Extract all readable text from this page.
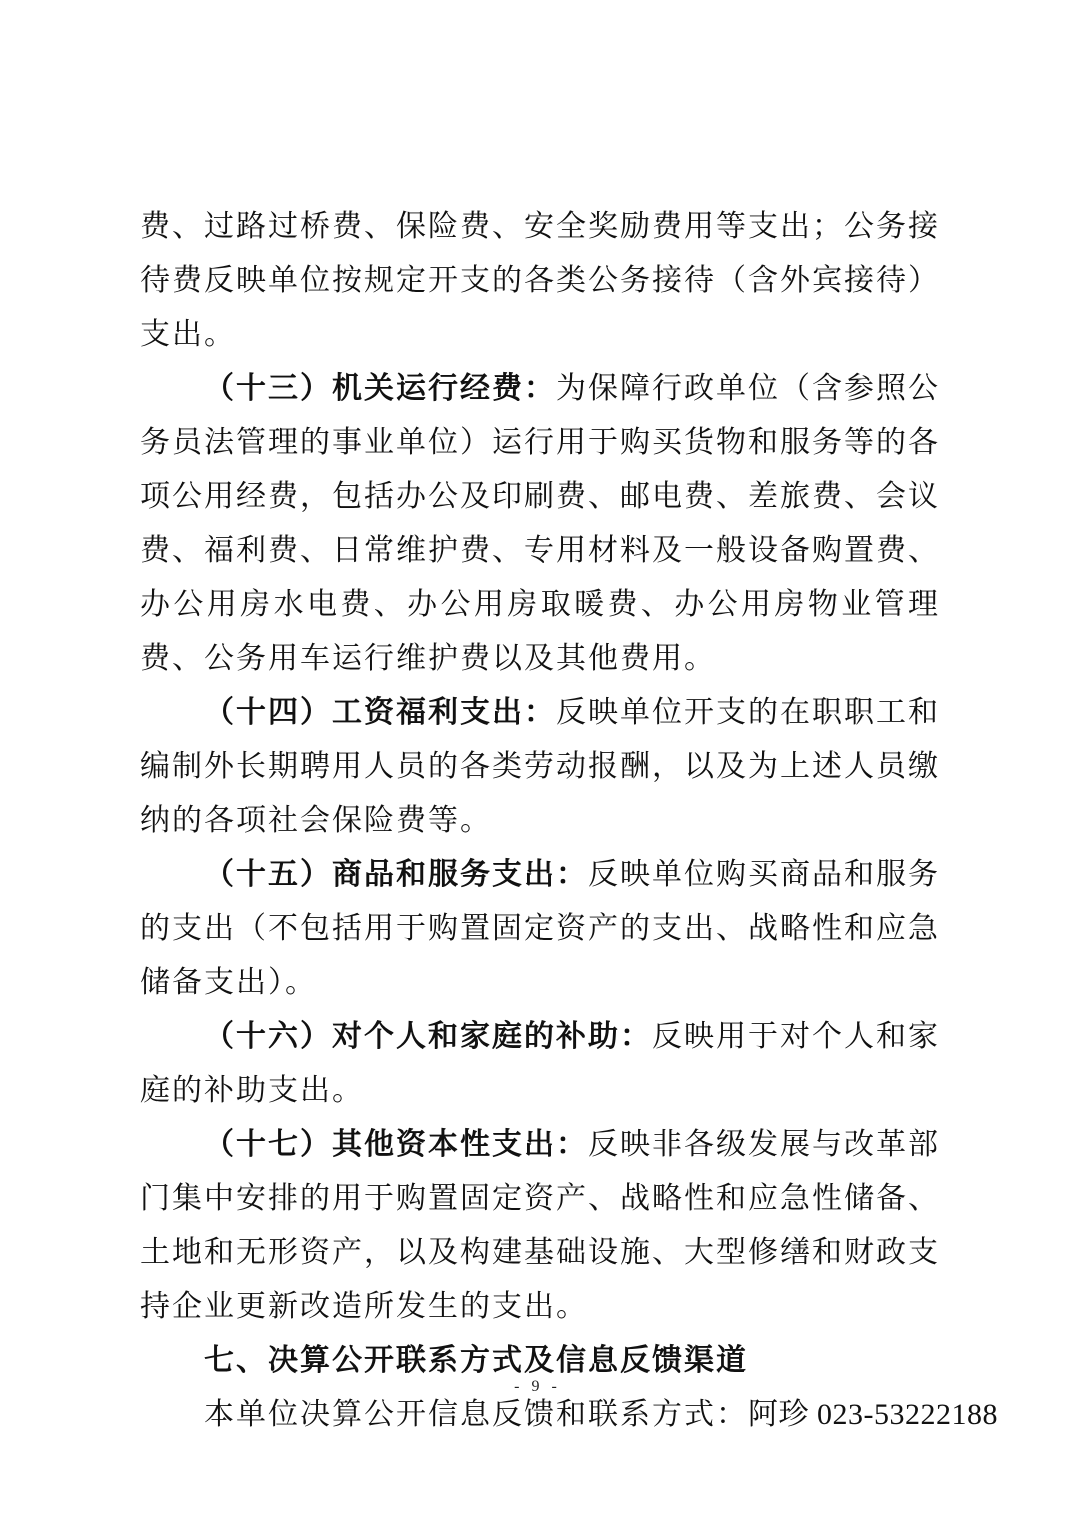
费、过路过桥费、保险费、安全奖励费用等支出；公务接待费反映单位按规定开支的各类公务接待（含外宾接待）支出。

（十三）机关运行经费：为保障行政单位（含参照公务员法管理的事业单位）运行用于购买货物和服务等的各项公用经费，包括办公及印刷费、邮电费、差旅费、会议费、福利费、日常维护费、专用材料及一般设备购置费、办公用房水电费、办公用房取暖费、办公用房物业管理费、公务用车运行维护费以及其他费用。

（十四）工资福利支出：反映单位开支的在职职工和编制外长期聘用人员的各类劳动报酬，以及为上述人员缴纳的各项社会保险费等。

（十五）商品和服务支出：反映单位购买商品和服务的支出（不包括用于购置固定资产的支出、战略性和应急储备支出）。

（十六）对个人和家庭的补助：反映用于对个人和家庭的补助支出。

（十七）其他资本性支出：反映非各级发展与改革部门集中安排的用于购置固定资产、战略性和应急性储备、土地和无形资产，以及构建基础设施、大型修缮和财政支持企业更新改造所发生的支出。

七、决算公开联系方式及信息反馈渠道

本单位决算公开信息反馈和联系方式：阿珍 023-53222188

- 9 -
